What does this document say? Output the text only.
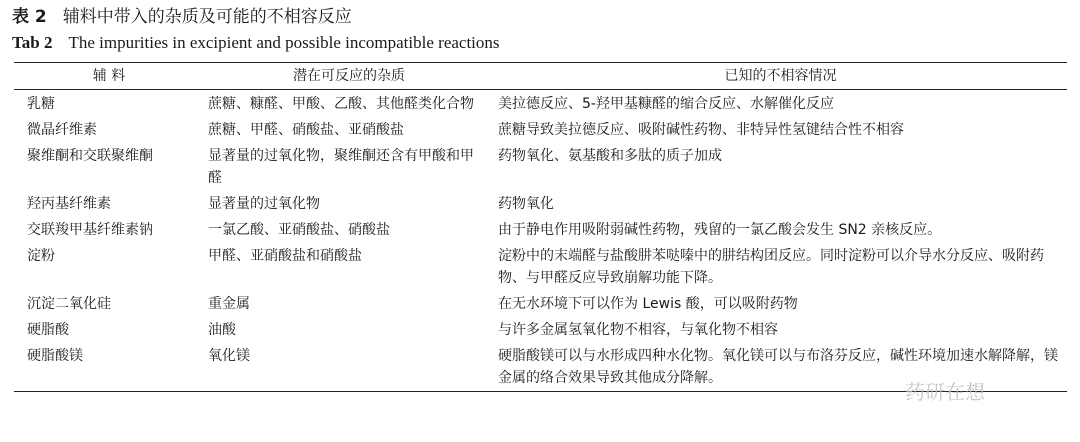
表 2 辅料中带入的杂质及可能的不相容反应
Tab 2 The impurities in excipient and possible incompatible reactions
辅 料	潜在可反应的杂质	已知的不相容情况
乳糖	蔗糖、糠醛、甲酸、乙酸、其他醛类化合物	美拉德反应、5-羟甲基糠醛的缩合反应、水解催化反应
微晶纤维素	蔗糖、甲醛、硝酸盐、亚硝酸盐	蔗糖导致美拉德反应、吸附碱性药物、非特异性氢键结合性不相容
聚维酮和交联聚维酮	显著量的过氧化物，聚维酮还含有甲酸和甲醛	药物氧化、氨基酸和多肽的质子加成
羟丙基纤维素	显著量的过氧化物	药物氧化
交联羧甲基纤维素钠	一氯乙酸、亚硝酸盐、硝酸盐	由于静电作用吸附弱碱性药物，残留的一氯乙酸会发生 SN2 亲核反应。
淀粉	甲醛、亚硝酸盐和硝酸盐	淀粉中的末端醛与盐酸肼苯哒嗪中的肼结构团反应。同时淀粉可以介导水分反应、吸附药物、与甲醛反应导致崩解功能下降。
沉淀二氧化硅	重金属	在无水环境下可以作为 Lewis 酸，可以吸附药物
硬脂酸	油酸	与许多金属氢氧化物不相容，与氧化物不相容
硬脂酸镁	氧化镁	硬脂酸镁可以与水形成四种水化物。氧化镁可以与布洛芬反应，碱性环境加速水解降解，镁金属的络合效果导致其他成分降解。
药研在想
